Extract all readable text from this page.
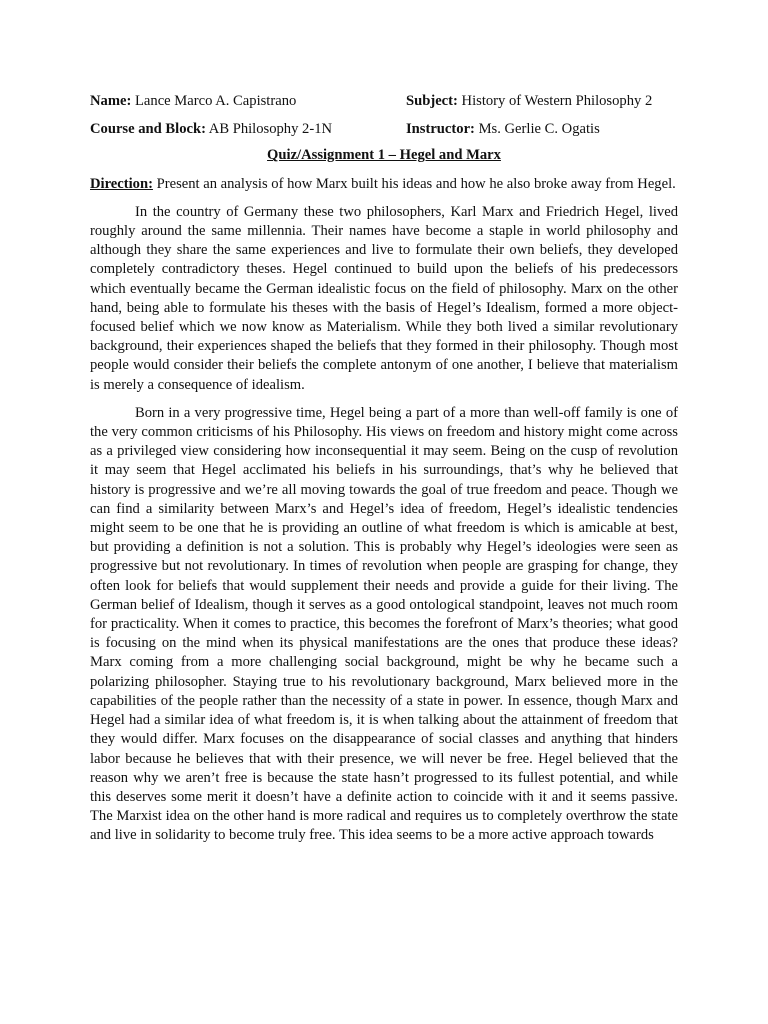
Name: Lance Marco A. Capistrano	Subject: History of Western Philosophy 2
Course and Block: AB Philosophy 2-1N	Instructor: Ms. Gerlie C. Ogatis
Quiz/Assignment 1 – Hegel and Marx
Direction: Present an analysis of how Marx built his ideas and how he also broke away from Hegel.

In the country of Germany these two philosophers, Karl Marx and Friedrich Hegel, lived roughly around the same millennia. Their names have become a staple in world philosophy and although they share the same experiences and live to formulate their own beliefs, they developed completely contradictory theses. Hegel continued to build upon the beliefs of his predecessors which eventually became the German idealistic focus on the field of philosophy. Marx on the other hand, being able to formulate his theses with the basis of Hegel’s Idealism, formed a more object-focused belief which we now know as Materialism. While they both lived a similar revolutionary background, their experiences shaped the beliefs that they formed in their philosophy. Though most people would consider their beliefs the complete antonym of one another, I believe that materialism is merely a consequence of idealism.

Born in a very progressive time, Hegel being a part of a more than well-off family is one of the very common criticisms of his Philosophy. His views on freedom and history might come across as a privileged view considering how inconsequential it may seem. Being on the cusp of revolution it may seem that Hegel acclimated his beliefs in his surroundings, that’s why he believed that history is progressive and we’re all moving towards the goal of true freedom and peace. Though we can find a similarity between Marx’s and Hegel’s idea of freedom, Hegel’s idealistic tendencies might seem to be one that he is providing an outline of what freedom is which is amicable at best, but providing a definition is not a solution. This is probably why Hegel’s ideologies were seen as progressive but not revolutionary. In times of revolution when people are grasping for change, they often look for beliefs that would supplement their needs and provide a guide for their living. The German belief of Idealism, though it serves as a good ontological standpoint, leaves not much room for practicality. When it comes to practice, this becomes the forefront of Marx’s theories; what good is focusing on the mind when its physical manifestations are the ones that produce these ideas? Marx coming from a more challenging social background, might be why he became such a polarizing philosopher. Staying true to his revolutionary background, Marx believed more in the capabilities of the people rather than the necessity of a state in power. In essence, though Marx and Hegel had a similar idea of what freedom is, it is when talking about the attainment of freedom that they would differ. Marx focuses on the disappearance of social classes and anything that hinders labor because he believes that with their presence, we will never be free. Hegel believed that the reason why we aren’t free is because the state hasn’t progressed to its fullest potential, and while this deserves some merit it doesn’t have a definite action to coincide with it and it seems passive. The Marxist idea on the other hand is more radical and requires us to completely overthrow the state and live in solidarity to become truly free. This idea seems to be a more active approach towards
